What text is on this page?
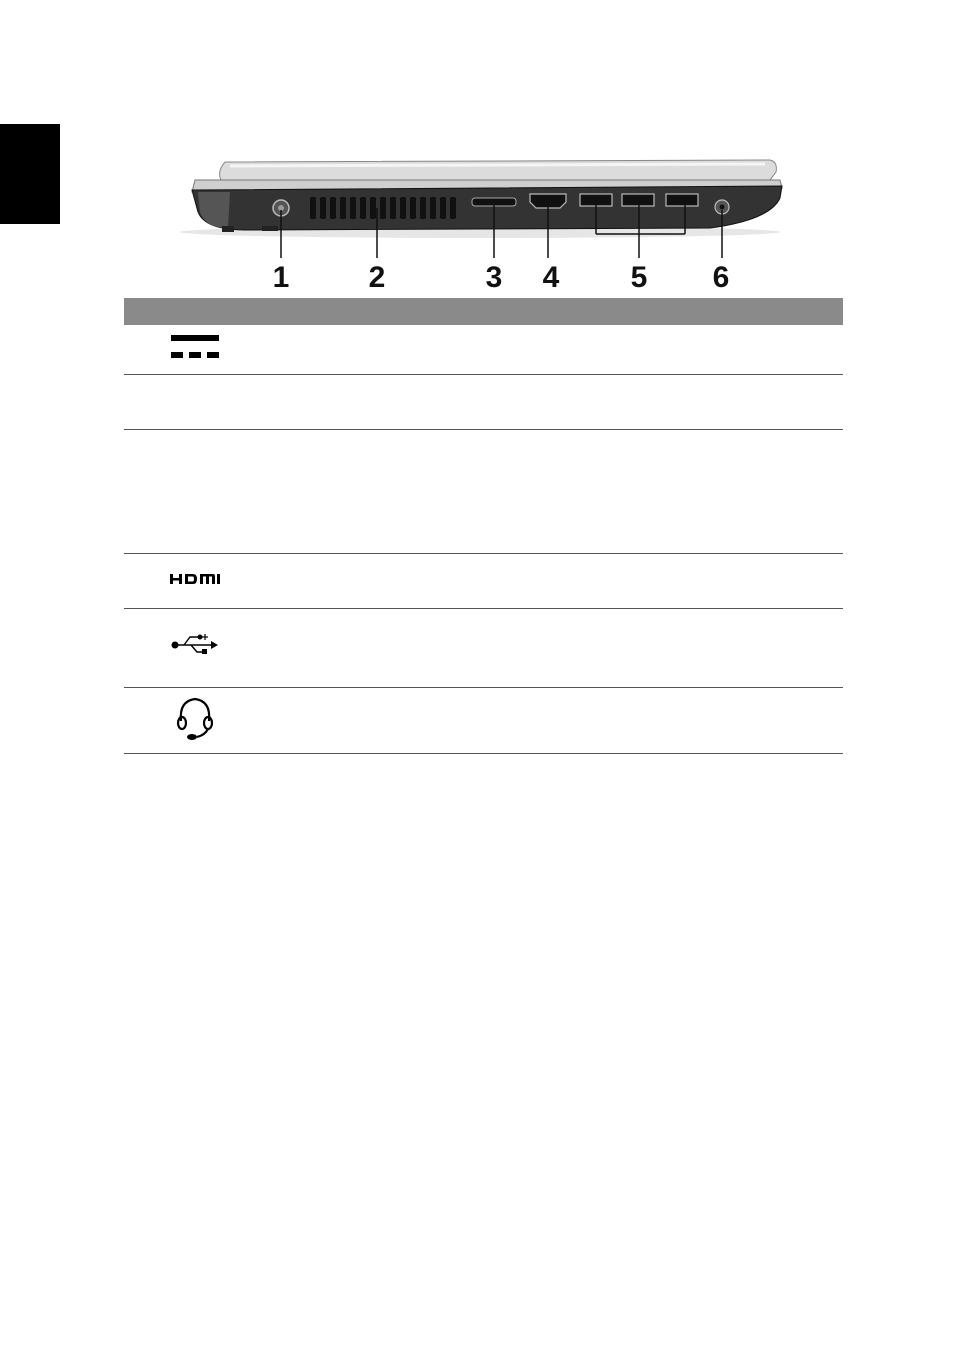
1	2	3 4 5 6
